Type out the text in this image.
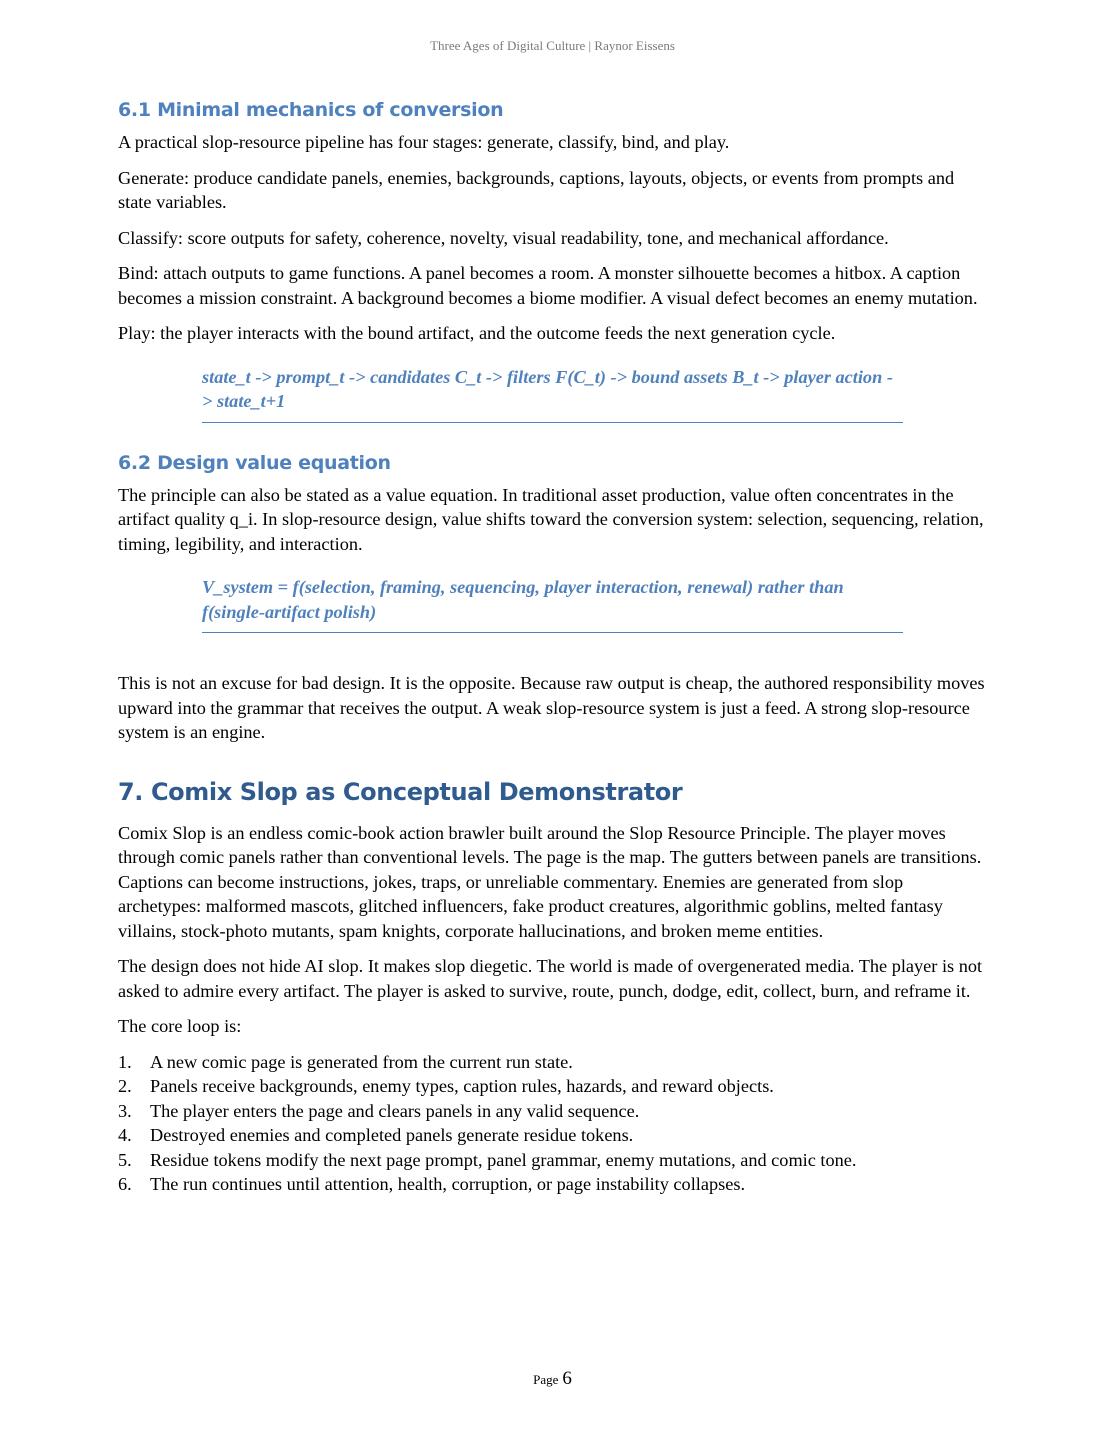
Three Ages of Digital Culture | Raynor Eissens
6.1 Minimal mechanics of conversion

A practical slop-resource pipeline has four stages: generate, classify, bind, and play.

Generate: produce candidate panels, enemies, backgrounds, captions, layouts, objects, or events from prompts and state variables.

Classify: score outputs for safety, coherence, novelty, visual readability, tone, and mechanical affordance.

Bind: attach outputs to game functions. A panel becomes a room. A monster silhouette becomes a hitbox. A caption becomes a mission constraint. A background becomes a biome modifier. A visual defect becomes an enemy mutation.

Play: the player interacts with the bound artifact, and the outcome feeds the next generation cycle.

state_t -> prompt_t -> candidates C_t -> filters F(C_t) -> bound assets B_t -> player action -> state_t+1
6.2 Design value equation

The principle can also be stated as a value equation. In traditional asset production, value often concentrates in the artifact quality q_i. In slop-resource design, value shifts toward the conversion system: selection, sequencing, relation, timing, legibility, and interaction.

V_system = f(selection, framing, sequencing, player interaction, renewal) rather than f(single-artifact polish)

This is not an excuse for bad design. It is the opposite. Because raw output is cheap, the authored responsibility moves upward into the grammar that receives the output. A weak slop-resource system is just a feed. A strong slop-resource system is an engine.

7. Comix Slop as Conceptual Demonstrator

Comix Slop is an endless comic-book action brawler built around the Slop Resource Principle. The player moves through comic panels rather than conventional levels. The page is the map. The gutters between panels are transitions. Captions can become instructions, jokes, traps, or unreliable commentary. Enemies are generated from slop archetypes: malformed mascots, glitched influencers, fake product creatures, algorithmic goblins, melted fantasy villains, stock-photo mutants, spam knights, corporate hallucinations, and broken meme entities.

The design does not hide AI slop. It makes slop diegetic. The world is made of overgenerated media. The player is not asked to admire every artifact. The player is asked to survive, route, punch, dodge, edit, collect, burn, and reframe it.

The core loop is:

1. A new comic page is generated from the current run state.
2. Panels receive backgrounds, enemy types, caption rules, hazards, and reward objects.
3. The player enters the page and clears panels in any valid sequence.
4. Destroyed enemies and completed panels generate residue tokens.
5. Residue tokens modify the next page prompt, panel grammar, enemy mutations, and comic tone.
6. The run continues until attention, health, corruption, or page instability collapses.
Page 6
